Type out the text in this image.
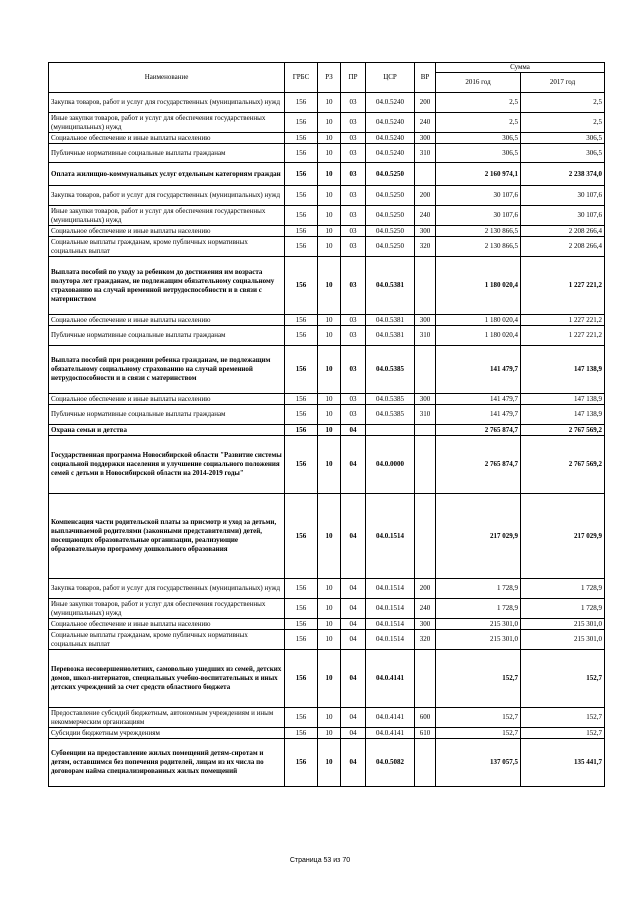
Наименование	ГРБС	РЗ	ПР	ЦСР	ВР	Сумма	
						2016 год	2017 год
Закупка товаров, работ и услуг для государственных (муниципальных) нужд	156	10	03	04.0.5240	200	2,5	2,5
Иные закупки товаров, работ и услуг для обеспечения государственных (муниципальных) нужд	156	10	03	04.0.5240	240	2,5	2,5
Социальное обеспечение и иные выплаты населению	156	10	03	04.0.5240	300	306,5	306,5
Публичные нормативные социальные выплаты гражданам	156	10	03	04.0.5240	310	306,5	306,5
Оплата жилищно-коммунальных услуг отдельным категориям граждан	156	10	03	04.0.5250		2 160 974,1	2 238 374,0
Закупка товаров, работ и услуг для государственных (муниципальных) нужд	156	10	03	04.0.5250	200	30 107,6	30 107,6
Иные закупки товаров, работ и услуг для обеспечения государственных (муниципальных) нужд	156	10	03	04.0.5250	240	30 107,6	30 107,6
Социальное обеспечение и иные выплаты населению	156	10	03	04.0.5250	300	2 130 866,5	2 208 266,4
Социальные выплаты гражданам, кроме публичных нормативных социальных выплат	156	10	03	04.0.5250	320	2 130 866,5	2 208 266,4
Выплата пособий по уходу за ребенком до достижения им возраста полутора лет гражданам, не подлежащим обязательному социальному страхованию на случай временной нетрудоспособности и в связи с материнством	156	10	03	04.0.5381		1 180 020,4	1 227 221,2
Социальное обеспечение и иные выплаты населению	156	10	03	04.0.5381	300	1 180 020,4	1 227 221,2
Публичные нормативные социальные выплаты гражданам	156	10	03	04.0.5381	310	1 180 020,4	1 227 221,2
Выплата пособий при рождении ребенка гражданам, не подлежащим обязательному социальному страхованию на случай временной нетрудоспособности и в связи с материнством	156	10	03	04.0.5385		141 479,7	147 138,9
Социальное обеспечение и иные выплаты населению	156	10	03	04.0.5385	300	141 479,7	147 138,9
Публичные нормативные социальные выплаты гражданам	156	10	03	04.0.5385	310	141 479,7	147 138,9
Охрана семьи и детства	156	10	04			2 765 874,7	2 767 569,2
Государственная программа Новосибирской области "Развитие системы социальной поддержки населения и улучшение социального положения семей с детьми в Новосибирской области на 2014-2019 годы"	156	10	04	04.0.0000		2 765 874,7	2 767 569,2
Компенсация части родительской платы за присмотр и уход за детьми, выплачиваемой родителями (законными представителями) детей, посещающих образовательные организации, реализующие образовательную программу дошкольного образования	156	10	04	04.0.1514		217 029,9	217 029,9
Закупка товаров, работ и услуг для государственных (муниципальных) нужд	156	10	04	04.0.1514	200	1 728,9	1 728,9
Иные закупки товаров, работ и услуг для обеспечения государственных (муниципальных) нужд	156	10	04	04.0.1514	240	1 728,9	1 728,9
Социальное обеспечение и иные выплаты населению	156	10	04	04.0.1514	300	215 301,0	215 301,0
Социальные выплаты гражданам, кроме публичных нормативных социальных выплат	156	10	04	04.0.1514	320	215 301,0	215 301,0
Перевозка несовершеннолетних, самовольно ушедших из семей, детских домов, школ-интернатов, специальных учебно-воспитательных и иных детских учреждений за счет средств областного бюджета	156	10	04	04.0.4141		152,7	152,7
Предоставление субсидий бюджетным, автономным учреждениям и иным некоммерческим организациям	156	10	04	04.0.4141	600	152,7	152,7
Субсидии бюджетным учреждениям	156	10	04	04.0.4141	610	152,7	152,7
Субвенции на предоставление жилых помещений детям-сиротам и детям, оставшимся без попечения родителей, лицам из их числа по договорам найма специализированных жилых помещений	156	10	04	04.0.5082		137 057,5	135 441,7
Страница 53 из 70
